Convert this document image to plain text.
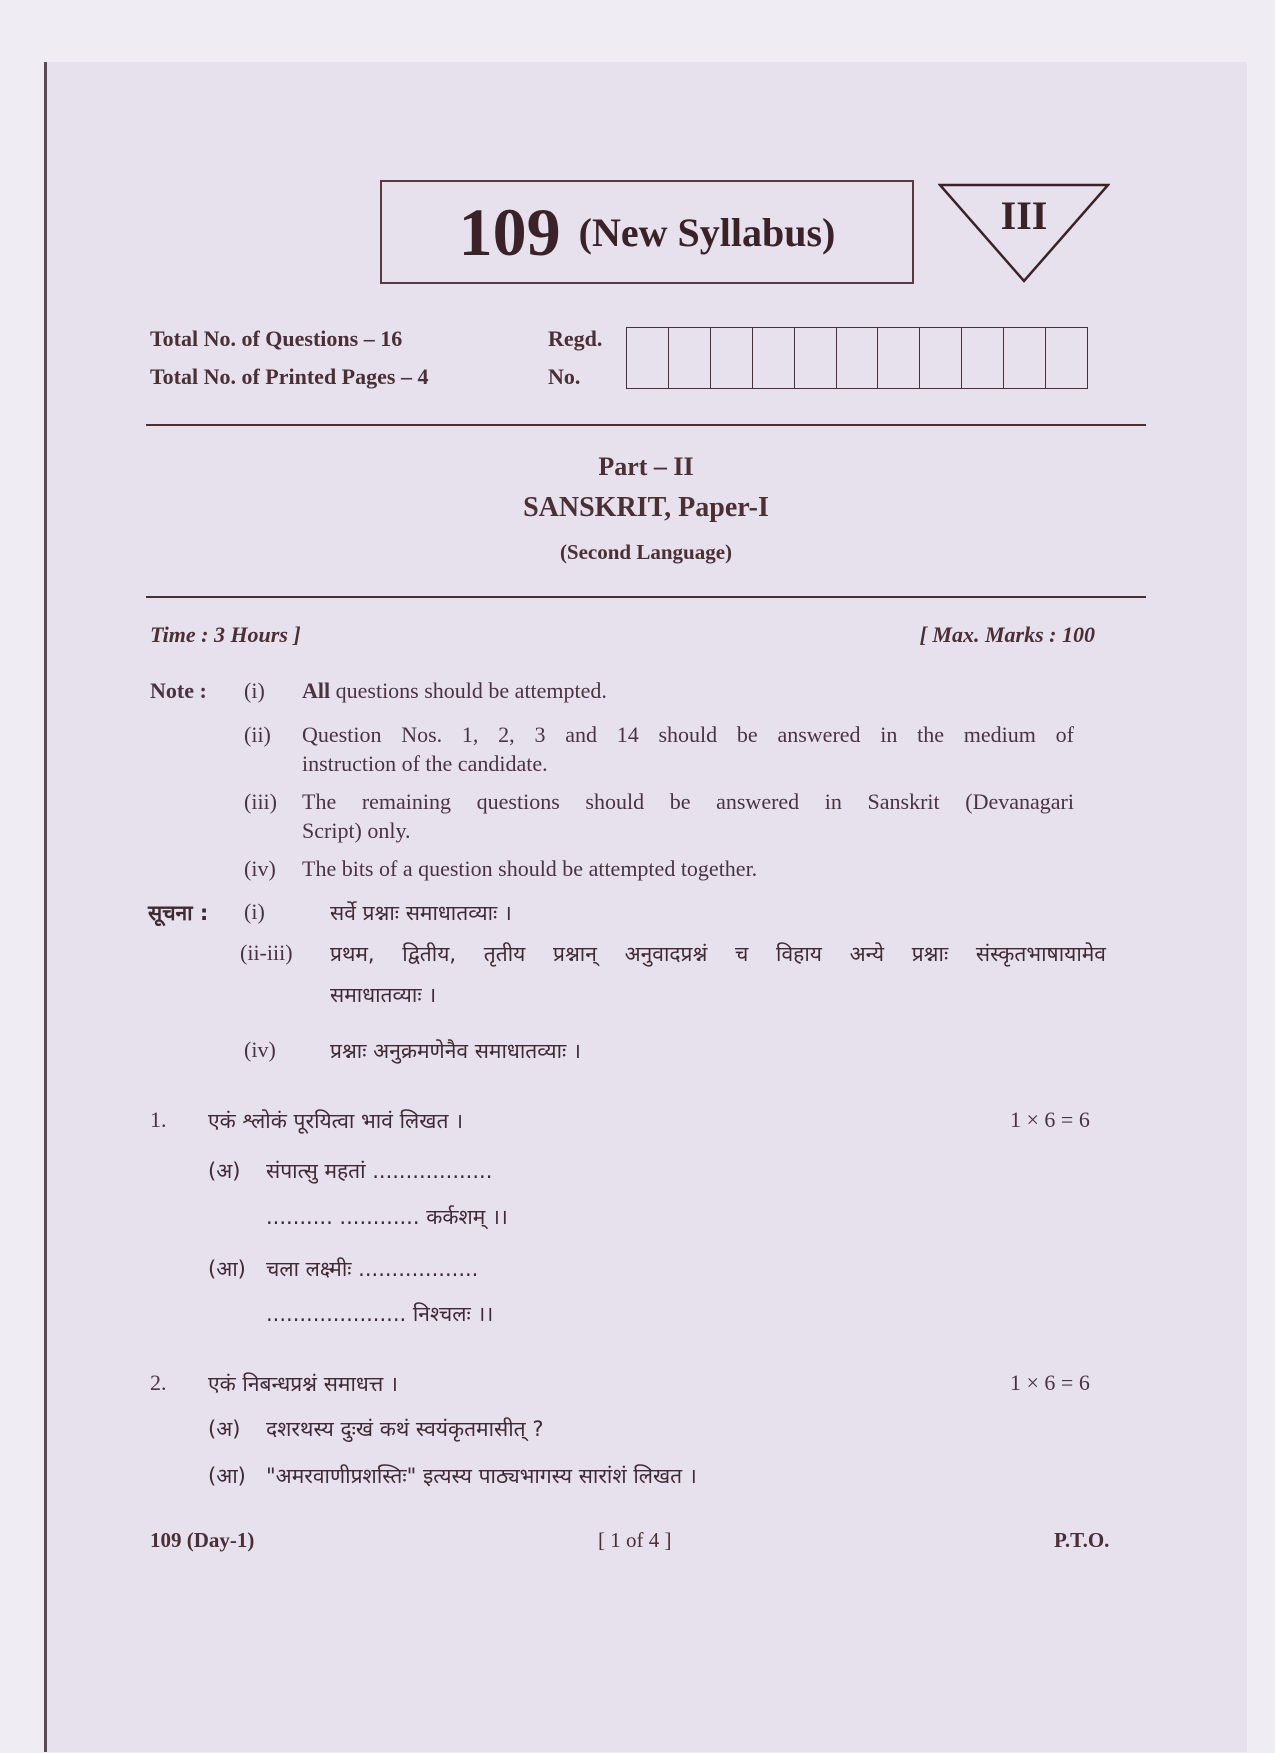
109 (New Syllabus)	III
Total No. of Questions – 16
Total No. of Printed Pages – 4
Regd.
No.
Part – II
SANSKRIT, Paper-I
(Second Language)
Time : 3 Hours ]	[ Max. Marks : 100
Note : (i) All questions should be attempted.
(ii) Question Nos. 1, 2, 3 and 14 should be answered in the medium of
instruction of the candidate.
(iii) The remaining questions should be answered in Sanskrit (Devanagari
Script) only.
(iv) The bits of a question should be attempted together.
सूचना : (i)	सर्वे प्रश्नाः समाधातव्याः ।
(ii-iii) प्रथम, द्वितीय, तृतीय प्रश्नान् अनुवादप्रश्नं च विहाय अन्ये प्रश्नाः संस्कृतभाषायामेव
समाधातव्याः ।
(iv)	प्रश्नाः अनुक्रमणेनैव समाधातव्याः ।
1. एकं श्लोकं पूरयित्वा भावं लिखत ।	1 × 6 = 6
(अ) संपात्सु महतां ..................
.......... ............ कर्कशम् ।।
(आ) चला लक्ष्मीः ..................
..................... निश्चलः ।।
2. एकं निबन्धप्रश्नं समाधत्त ।	1 × 6 = 6
(अ) दशरथस्य दुःखं कथं स्वयंकृतमासीत् ?
(आ) "अमरवाणीप्रशस्तिः" इत्यस्य पाठ्यभागस्य सारांशं लिखत ।
109 (Day-1)	[ 1 of 4 ]	P.T.O.
